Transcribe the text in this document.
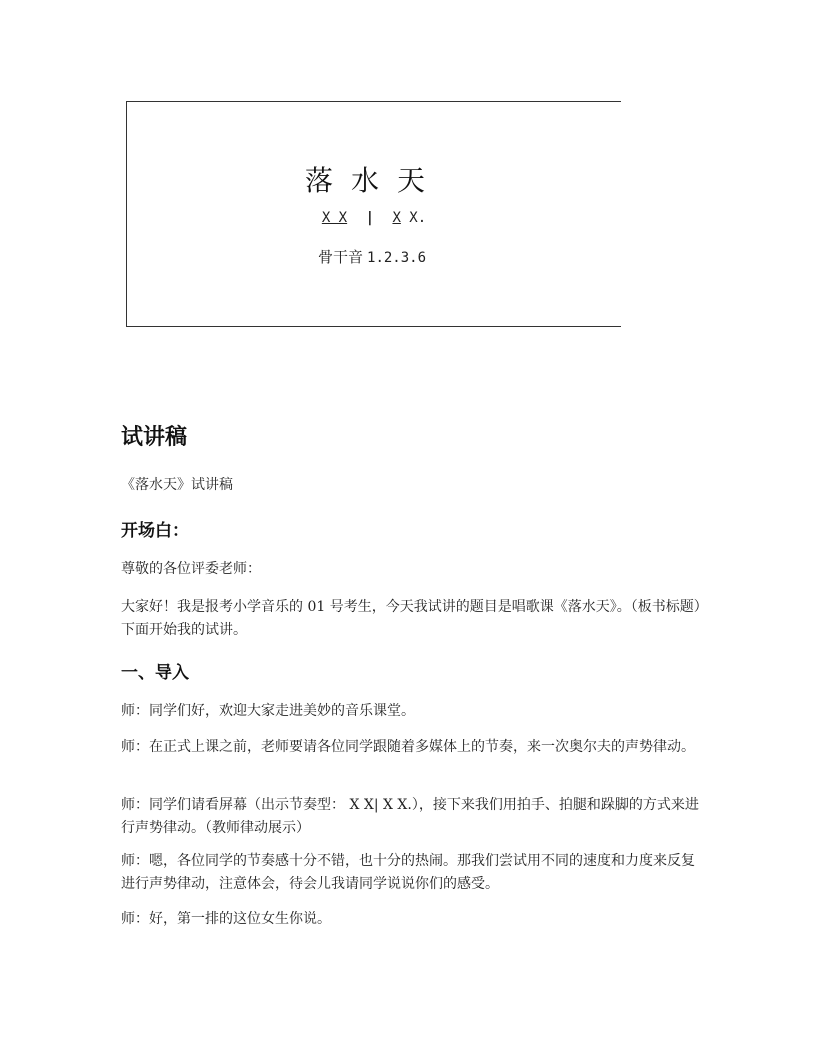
落水天
X X | X X.
骨干音 1.2.3.6
试讲稿
《落水天》试讲稿
开场白：
尊敬的各位评委老师：
大家好！我是报考小学音乐的 01 号考生，今天我试讲的题目是唱歌课《落水天》。（板书标题）下面开始我的试讲。
一、导入
师：同学们好，欢迎大家走进美妙的音乐课堂。
师：在正式上课之前，老师要请各位同学跟随着多媒体上的节奏，来一次奥尔夫的声势律动。
师：同学们请看屏幕（出示节奏型： X X| X X.），接下来我们用拍手、拍腿和跺脚的方式来进行声势律动。（教师律动展示）
师：嗯，各位同学的节奏感十分不错，也十分的热闹。那我们尝试用不同的速度和力度来反复进行声势律动，注意体会，待会儿我请同学说说你们的感受。
师：好，第一排的这位女生你说。
